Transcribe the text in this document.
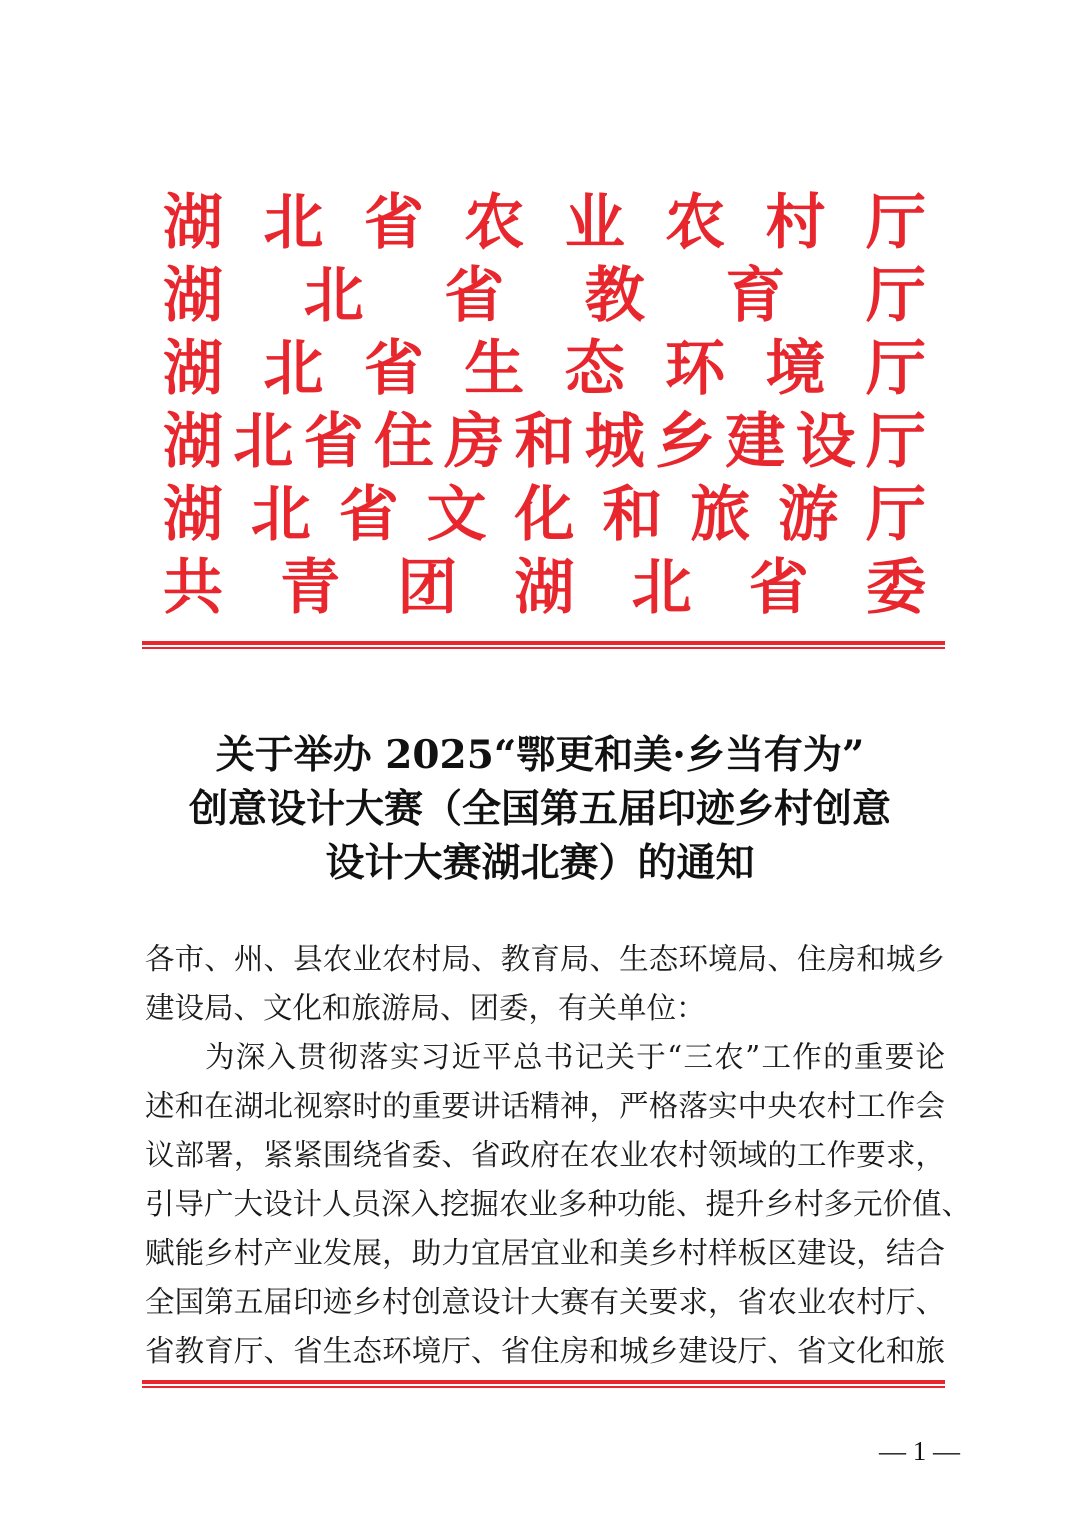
湖 北 省 农 业 农 村 厅
湖 北 省 教 育 厅
湖 北 省 生 态 环 境 厅
湖 北 省 住 房 和 城 乡 建 设 厅
湖 北 省 文 化 和 旅 游 厅
共 青 团 湖 北 省 委
关于举办 2025“鄂更和美·乡当有为”
创意设计大赛（全国第五届印迹乡村创意
设计大赛湖北赛）的通知
各市、州、县农业农村局、教育局、生态环境局、住房和城乡
建设局、文化和旅游局、团委，有关单位：
为深入贯彻落实习近平总书记关于“三农”工作的重要论
述和在湖北视察时的重要讲话精神，严格落实中央农村工作会
议部署，紧紧围绕省委、省政府在农业农村领域的工作要求，
引导广大设计人员深入挖掘农业多种功能、提升乡村多元价值、
赋能乡村产业发展，助力宜居宜业和美乡村样板区建设，结合
全国第五届印迹乡村创意设计大赛有关要求，省农业农村厅、
省教育厅、省生态环境厅、省住房和城乡建设厅、省文化和旅
— 1 —
